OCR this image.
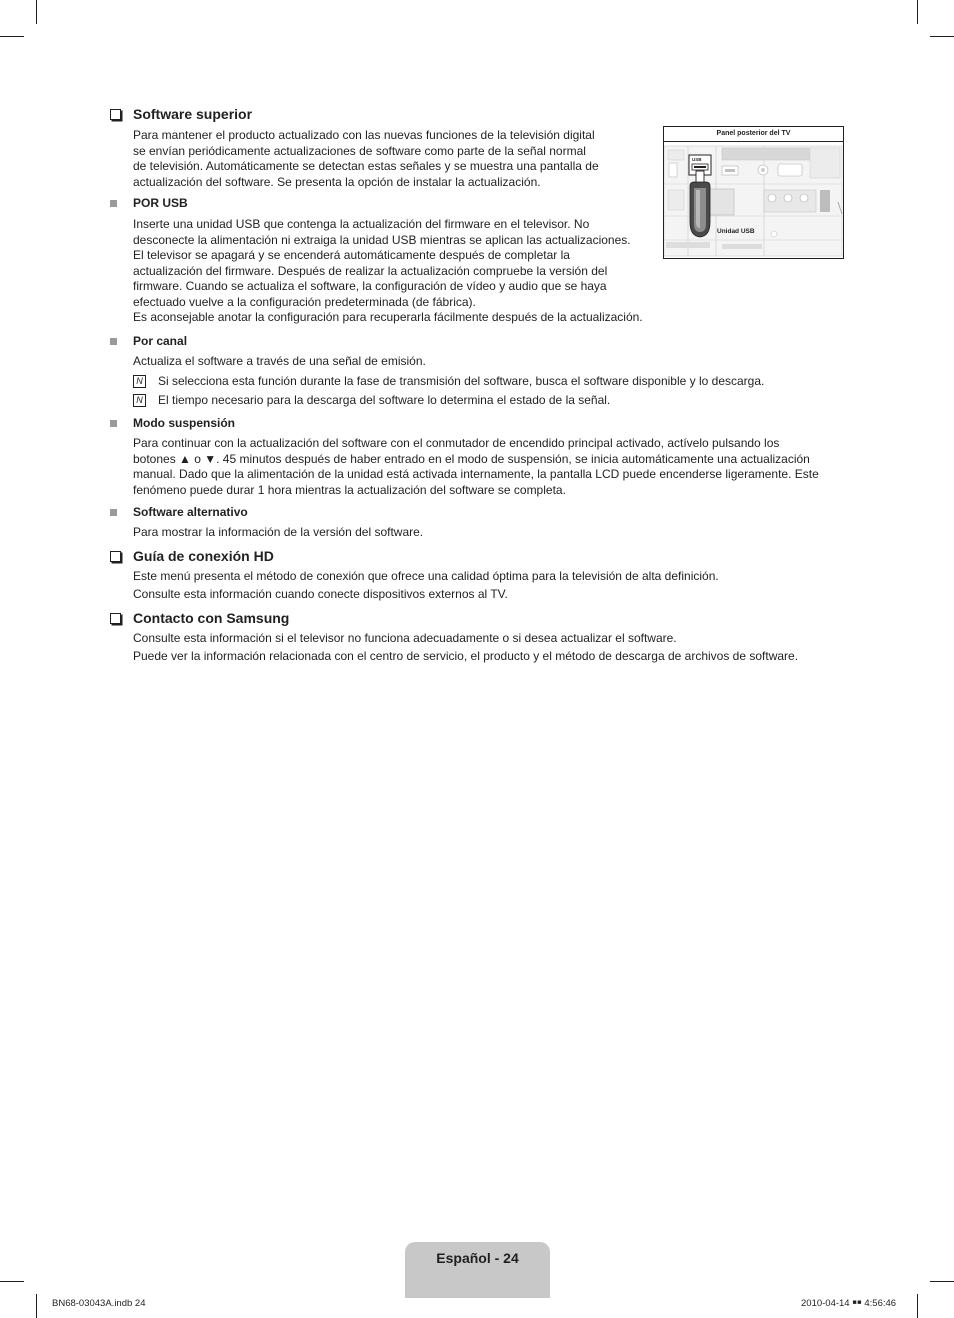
Software superior
Para mantener el producto actualizado con las nuevas funciones de la televisión digital
se envían periódicamente actualizaciones de software como parte de la señal normal
de televisión. Automáticamente se detectan estas señales y se muestra una pantalla de
actualización del software. Se presenta la opción de instalar la actualización.
POR USB
Inserte una unidad USB que contenga la actualización del firmware en el televisor. No
desconecte la alimentación ni extraiga la unidad USB mientras se aplican las actualizaciones.
El televisor se apagará y se encenderá automáticamente después de completar la
actualización del firmware. Después de realizar la actualización compruebe la versión del
firmware. Cuando se actualiza el software, la configuración de vídeo y audio que se haya
efectuado vuelve a la configuración predeterminada (de fábrica).
Es aconsejable anotar la configuración para recuperarla fácilmente después de la actualización.
Panel posterior del TV
USB
Unidad USB
Por canal
Actualiza el software a través de una señal de emisión.
N Si selecciona esta función durante la fase de transmisión del software, busca el software disponible y lo descarga.
N El tiempo necesario para la descarga del software lo determina el estado de la señal.
Modo suspensión
Para continuar con la actualización del software con el conmutador de encendido principal activado, actívelo pulsando los
botones ▲ o ▼. 45 minutos después de haber entrado en el modo de suspensión, se inicia automáticamente una actualización
manual. Dado que la alimentación de la unidad está activada internamente, la pantalla LCD puede encenderse ligeramente. Este
fenómeno puede durar 1 hora mientras la actualización del software se completa.
Software alternativo
Para mostrar la información de la versión del software.
Guía de conexión HD
Este menú presenta el método de conexión que ofrece una calidad óptima para la televisión de alta definición.
Consulte esta información cuando conecte dispositivos externos al TV.
Contacto con Samsung
Consulte esta información si el televisor no funciona adecuadamente o si desea actualizar el software.
Puede ver la información relacionada con el centro de servicio, el producto y el método de descarga de archivos de software.
Español - 24
BN68-03043A.indb 24	2010-04-14 ￭￭ 4:56:46
